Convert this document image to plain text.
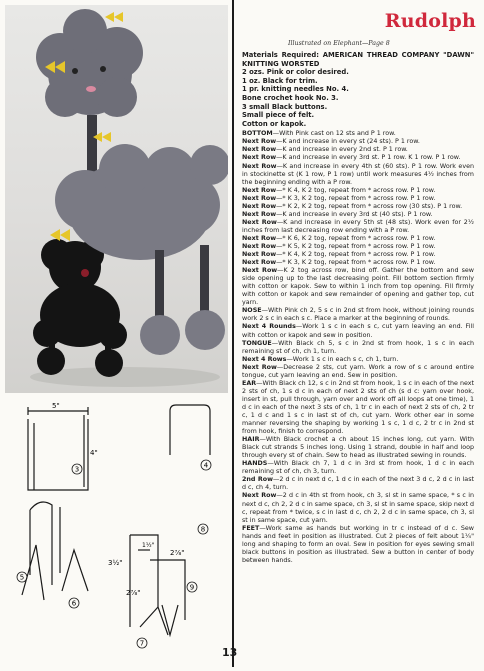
3	4
5
6
7
8
9
5"
4"
3½"
1½"
2⅞"
2⅞"
Rudolph
Illustrated on Elephant—Page 8

Materials Required: AMERICAN THREAD COMPANY "DAWN" KNITTING WORSTED

2 ozs. Pink or color desired.

1 oz. Black for trim.

1 pr. knitting needles No. 4.

Bone crochet hook No. 3.

3 small Black buttons.

Small piece of felt.

Cotton or kapok.

BOTTOM—With Pink cast on 12 sts and P 1 row.

Next Row—K and increase in every st (24 sts). P 1 row.

Next Row—K and increase in every 2nd st. P 1 row.

Next Row—K and increase in every 3rd st. P 1 row. K 1 row. P 1 row.

Next Row—K and increase in every 4th st (60 sts). P 1 row. Work even in stockinette st (K 1 row, P 1 row) until work measures 4½ inches from the beginning ending with a P row.

Next Row—* K 4, K 2 tog, repeat from * across row. P 1 row.

Next Row—* K 3, K 2 tog, repeat from * across row. P 1 row.

Next Row—* K 2, K 2 tog, repeat from * across row (30 sts). P 1 row.

Next Row—K and increase in every 3rd st (40 sts). P 1 row.

Next Row—K and increase in every 5th st (48 sts). Work even for 2½ inches from last decreasing row ending with a P row.

Next Row—* K 6, K 2 tog, repeat from * across row. P 1 row.

Next Row—* K 5, K 2 tog, repeat from * across row. P 1 row.

Next Row—* K 4, K 2 tog, repeat from * across row. P 1 row.

Next Row—* K 3, K 2 tog, repeat from * across row. P 1 row.

Next Row—K 2 tog across row, bind off. Gather the bottom and sew side opening up to the last decreasing point. Fill bottom section firmly with cotton or kapok. Sew to within 1 inch from top opening. Fill firmly with cotton or kapok and sew remainder of opening and gather top, cut yarn.

NOSE—With Pink ch 2, 5 s c in 2nd st from hook, without joining rounds work 2 s c in each s c. Place a marker at the beginning of rounds.

Next 4 Rounds—Work 1 s c in each s c, cut yarn leaving an end. Fill with cotton or kapok and sew in position.

TONGUE—With Black ch 5, s c in 2nd st from hook, 1 s c in each remaining st of ch, ch 1, turn.

Next 4 Rows—Work 1 s c in each s c, ch 1, turn.

Next Row—Decrease 2 sts, cut yarn. Work a row of s c around entire tongue, cut yarn leaving an end. Sew in position.

EAR—With Black ch 12, s c in 2nd st from hook, 1 s c in each of the next 2 sts of ch, 1 s d c in each of next 2 sts of ch (s d c: yarn over hook, insert in st, pull through, yarn over and work off all loops at one time), 1 d c in each of the next 3 sts of ch, 1 tr c in each of next 2 sts of ch, 2 tr c, 1 d c and 1 s c in last st of ch, cut yarn. Work other ear in some manner reversing the shaping by working 1 s c, 1 d c, 2 tr c in 2nd st from hook, finish to correspond.

HAIR—With Black crochet a ch about 15 inches long, cut yarn. With Black cut strands 5 inches long. Using 1 strand, double in half and loop through every st of chain. Sew to head as illustrated sewing in rounds.

HANDS—With Black ch 7, 1 d c in 3rd st from hook, 1 d c in each remaining st of ch, ch 3, turn.

2nd Row—2 d c in next d c, 1 d c in each of the next 3 d c, 2 d c in last d c, ch 4, turn.

Next Row—2 d c in 4th st from hook, ch 3, sl st in same space, * s c in next d c, ch 2, 2 d c in same space, ch 3, sl st in same space, skip next d c, repeat from * twice, s c in last d c, ch 2, 2 d c in same space, ch 3, sl st in same space, cut yarn.

FEET—Work same as hands but working in tr c instead of d c. Sew hands and feet in position as illustrated. Cut 2 pieces of felt about 1¼" long and shaping to form an oval. Sew in position for eyes sewing small black buttons in position as illustrated. Sew a button in center of body between hands.

13
